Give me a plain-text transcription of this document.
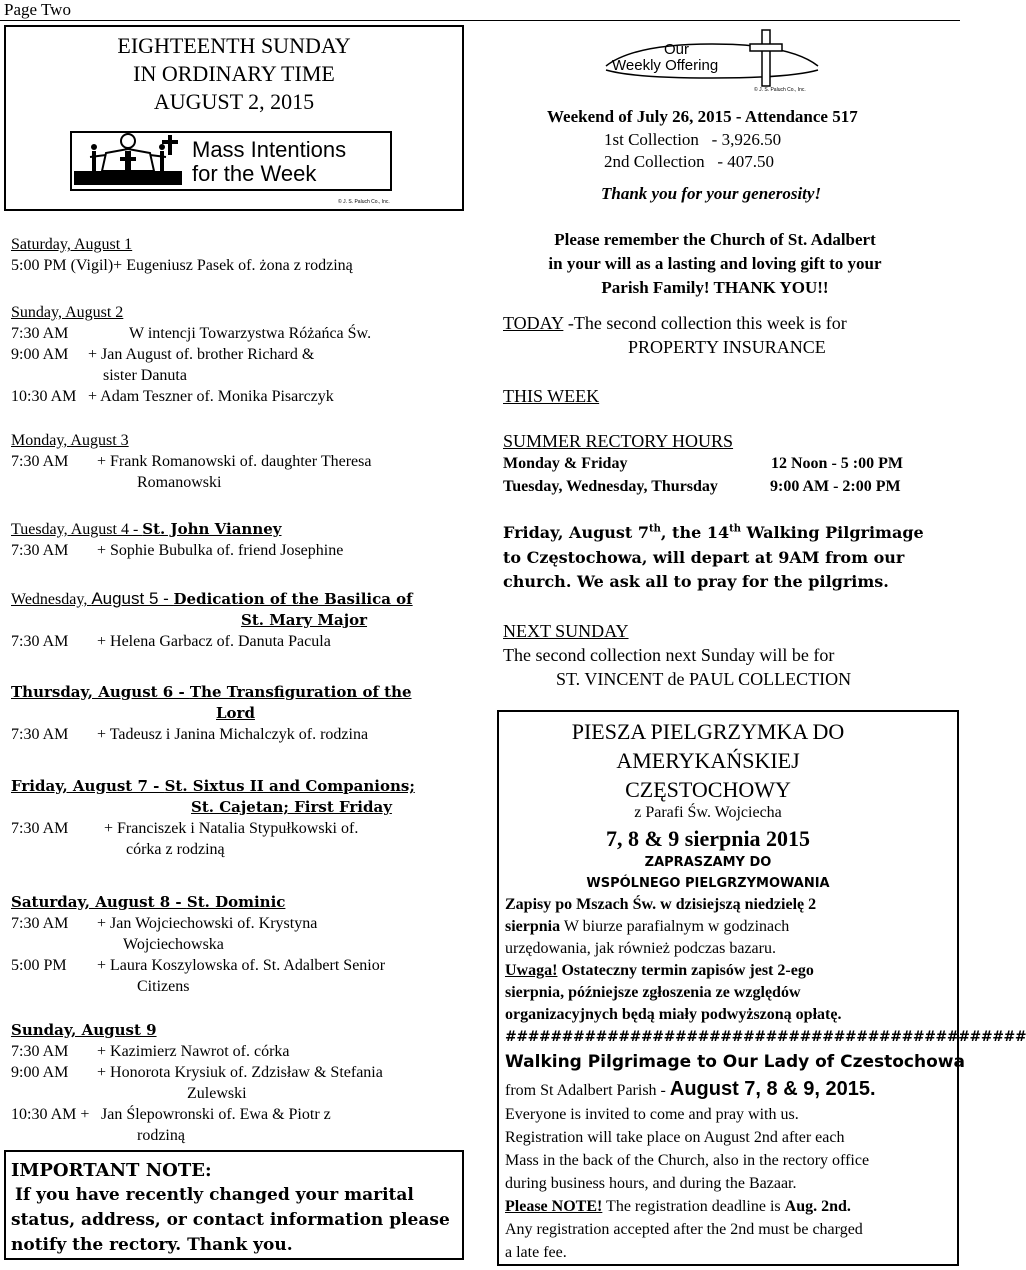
Page Two
EIGHTEENTH SUNDAY
IN ORDINARY TIME
AUGUST 2, 2015
© J. S. Paluch Co., Inc.
Mass Intentions
for the Week
Saturday, August 1
5:00 PM (Vigil)+ Eugeniusz Pasek of. żona z rodziną
Sunday, August 2
7:30 AM	W intencji Towarzystwa Różańca Św.
9:00 AM + Jan August of. brother Richard &
sister Danuta
10:30 AM + Adam Teszner of. Monika Pisarczyk
Monday, August 3
7:30 AM + Frank Romanowski of. daughter Theresa
Romanowski
Tuesday, August 4 - St. John Vianney
7:30 AM + Sophie Bubulka of. friend Josephine
Wednesday, August 5 - Dedication of the Basilica of
St. Mary Major
7:30 AM + Helena Garbacz of. Danuta Pacula
Thursday, August 6 - The Transfiguration of the
Lord
7:30 AM + Tadeusz i Janina Michalczyk of. rodzina
Friday, August 7 - St. Sixtus II and Companions;
St. Cajetan; First Friday
7:30 AM + Franciszek i Natalia Stypułkowski of.
córka z rodziną
Saturday, August 8 - St. Dominic
7:30 AM + Jan Wojciechowski of. Krystyna
Wojciechowska
5:00 PM + Laura Koszylowska of. St. Adalbert Senior
Citizens
Sunday, August 9
7:30 AM + Kazimierz Nawrot of. córka
9:00 AM + Honorota Krysiuk of. Zdzisław & Stefania
Zulewski
10:30 AM + Jan Ślepowronski of. Ewa & Piotr z
rodziną
IMPORTANT NOTE:
If you have recently changed your marital
status, address, or contact information please
notify the rectory. Thank you.
Our
Weekly Offering
© J. S. Paluch Co., Inc.
Weekend of July 26, 2015 - Attendance 517
1st Collection - 3,926.50
2nd Collection - 407.50
Thank you for your generosity!
Please remember the Church of St. Adalbert
in your will as a lasting and loving gift to your
Parish Family! THANK YOU!!
TODAY -The second collection this week is for
PROPERTY INSURANCE
THIS WEEK
SUMMER RECTORY HOURS
Monday & Friday	12 Noon - 5 :00 PM
Tuesday, Wednesday, Thursday	9:00 AM - 2:00 PM
Friday, August 7th, the 14th Walking Pilgrimage
to Częstochowa, will depart at 9AM from our
church. We ask all to pray for the pilgrims.
NEXT SUNDAY
The second collection next Sunday will be for
ST. VINCENT de PAUL COLLECTION
PIESZA PIELGRZYMKA DO
AMERYKAŃSKIEJ
CZĘSTOCHOWY
z Parafi Św. Wojciecha
7, 8 & 9 sierpnia 2015
ZAPRASZAMY DO
WSPÓLNEGO PIELGRZYMOWANIA
Zapisy po Mszach Św. w dzisiejszą niedzielę 2
sierpnia W biurze parafialnym w godzinach
urzędowania, jak również podczas bazaru.
Uwaga! Ostateczny termin zapisów jest 2-ego
sierpnia, późniejsze zgłoszenia ze względów
organizacyjnych będą miały podwyższoną opłatę.
##############################################
Walking Pilgrimage to Our Lady of Czestochowa
from St Adalbert Parish - August 7, 8 & 9, 2015.
Everyone is invited to come and pray with us.
Registration will take place on August 2nd after each
Mass in the back of the Church, also in the rectory office
during business hours, and during the Bazaar.
Please NOTE! The registration deadline is Aug. 2nd.
Any registration accepted after the 2nd must be charged
a late fee.
